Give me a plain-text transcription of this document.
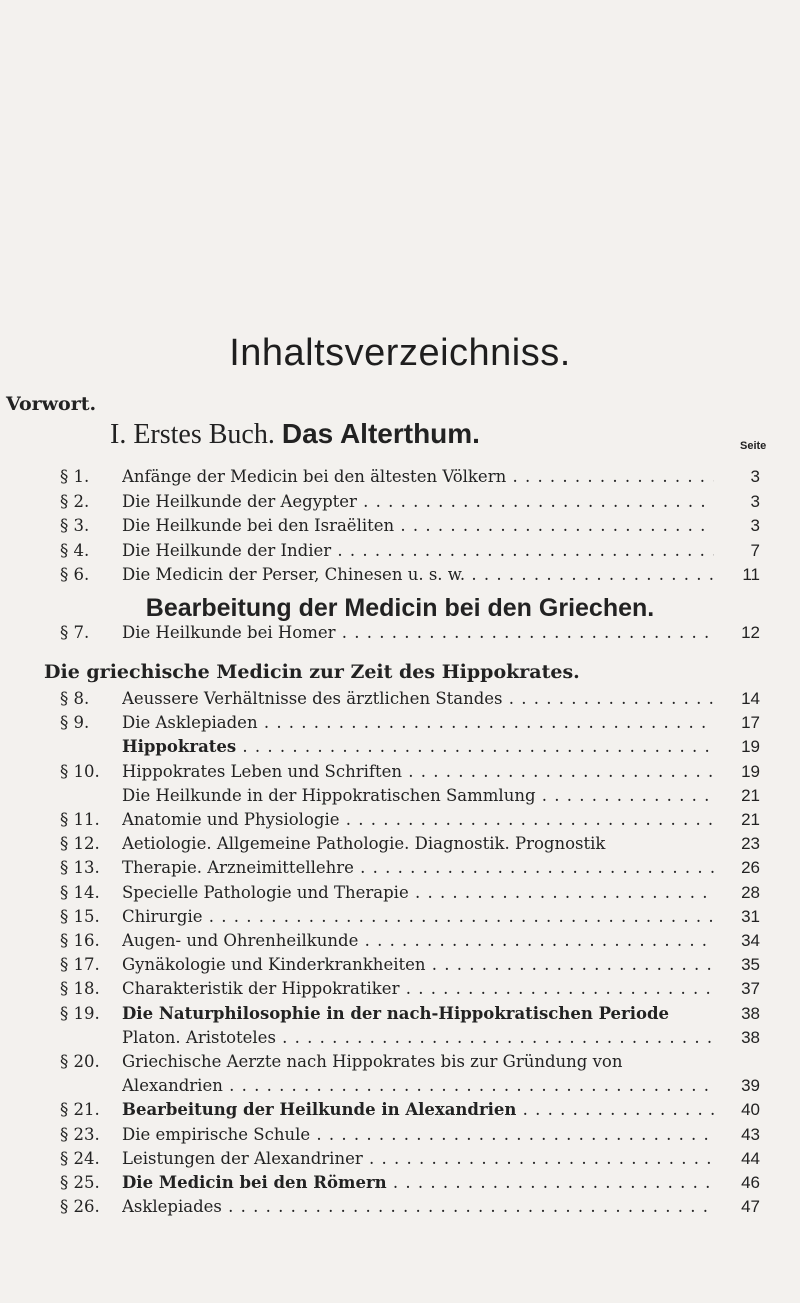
Inhaltsverzeichniss.
Vorwort.
I. Erstes Buch. Das Alterthum.	Seite
§ 1.	Anfänge der Medicin bei den ältesten Völkern . . .	3
§ 2.	Die Heilkunde der Aegypter . . .	3
§ 3.	Die Heilkunde bei den Israëliten . . .	3
§ 4.	Die Heilkunde der Indier . . .	7
§ 6.	Die Medicin der Perser, Chinesen u. s. w. . . .	11
Bearbeitung der Medicin bei den Griechen.
§ 7.	Die Heilkunde bei Homer . . .	12
Die griechische Medicin zur Zeit des Hippokrates.
§ 8.	Aeussere Verhältnisse des ärztlichen Standes . . .	14
§ 9.	Die Asklepiaden . . .	17
Hippokrates . . .	19
§ 10.	Hippokrates Leben und Schriften . . .	19
Die Heilkunde in der Hippokratischen Sammlung . . .	21
§ 11.	Anatomie und Physiologie . . .	21
§ 12.	Aetiologie. Allgemeine Pathologie. Diagnostik. Prognostik	23
§ 13.	Therapie. Arzneimittellehre . . .	26
§ 14.	Specielle Pathologie und Therapie . . .	28
§ 15.	Chirurgie . . .	31
§ 16.	Augen- und Ohrenheilkunde . . .	34
§ 17.	Gynäkologie und Kinderkrankheiten . . .	35
§ 18.	Charakteristik der Hippokratiker . . .	37
§ 19.	Die Naturphilosophie in der nach-Hippokratischen Periode	38
Platon. Aristoteles . . .	38
§ 20.	Griechische Aerzte nach Hippokrates bis zur Gründung von
Alexandrien . . .	39
§ 21.	Bearbeitung der Heilkunde in Alexandrien . . .	40
§ 23.	Die empirische Schule . . .	43
§ 24.	Leistungen der Alexandriner . . .	44
§ 25.	Die Medicin bei den Römern . . .	46
§ 26.	Asklepiades . . .	47
